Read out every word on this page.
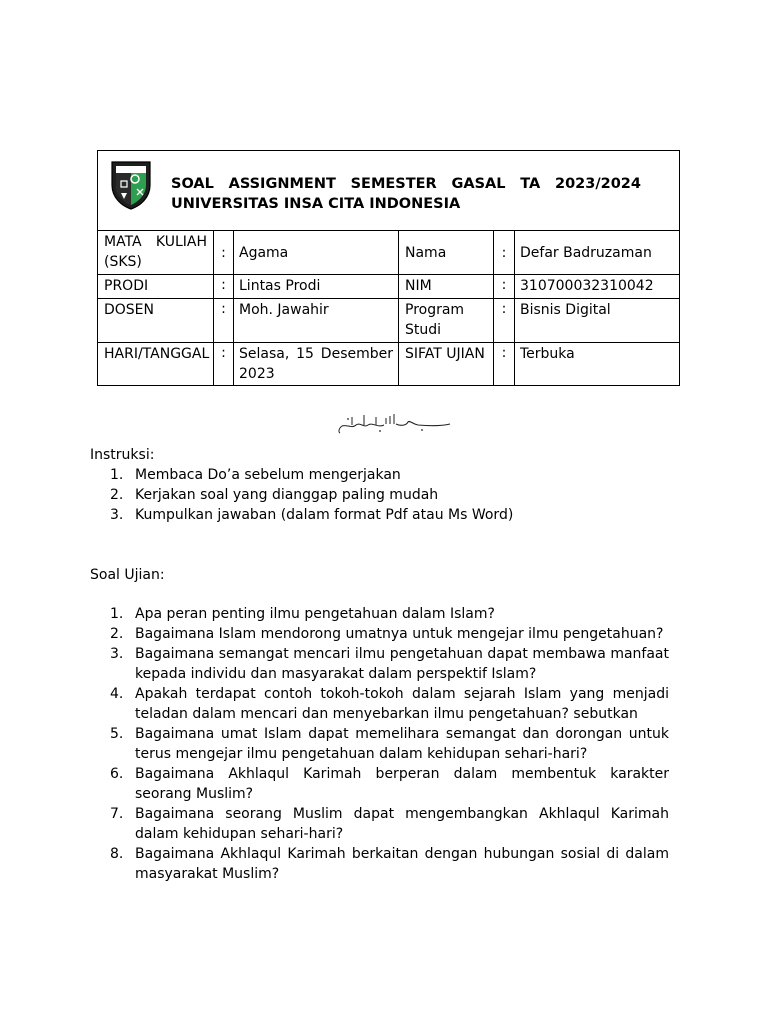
SOAL ASSIGNMENT SEMESTER GASAL TA 2023/2024
UNIVERSITAS INSA CITA INDONESIA					

MATA KULIAH
(SKS)	:	Agama	Nama	:	Defar Badruzaman
PRODI	:	Lintas Prodi	NIM	:	310700032310042
DOSEN	:	Moh. Jawahir	Program Studi	:	Bisnis Digital
HARI/TANGGAL	:	Selasa, 15 Desember 2023	SIFAT UJIAN	:	Terbuka
Instruksi:
1. Membaca Do’a sebelum mengerjakan
2. Kerjakan soal yang dianggap paling mudah
3. Kumpulkan jawaban (dalam format Pdf atau Ms Word)
Soal Ujian:
1. Apa peran penting ilmu pengetahuan dalam Islam?
2. Bagaimana Islam mendorong umatnya untuk mengejar ilmu pengetahuan?
3. Bagaimana semangat mencari ilmu pengetahuan dapat membawa manfaat kepada individu dan masyarakat dalam perspektif Islam?
4. Apakah terdapat contoh tokoh-tokoh dalam sejarah Islam yang menjadi teladan dalam mencari dan menyebarkan ilmu pengetahuan? sebutkan
5. Bagaimana umat Islam dapat memelihara semangat dan dorongan untuk terus mengejar ilmu pengetahuan dalam kehidupan sehari-hari?
6. Bagaimana Akhlaqul Karimah berperan dalam membentuk karakter seorang Muslim?
7. Bagaimana seorang Muslim dapat mengembangkan Akhlaqul Karimah dalam kehidupan sehari-hari?
8. Bagaimana Akhlaqul Karimah berkaitan dengan hubungan sosial di dalam masyarakat Muslim?
